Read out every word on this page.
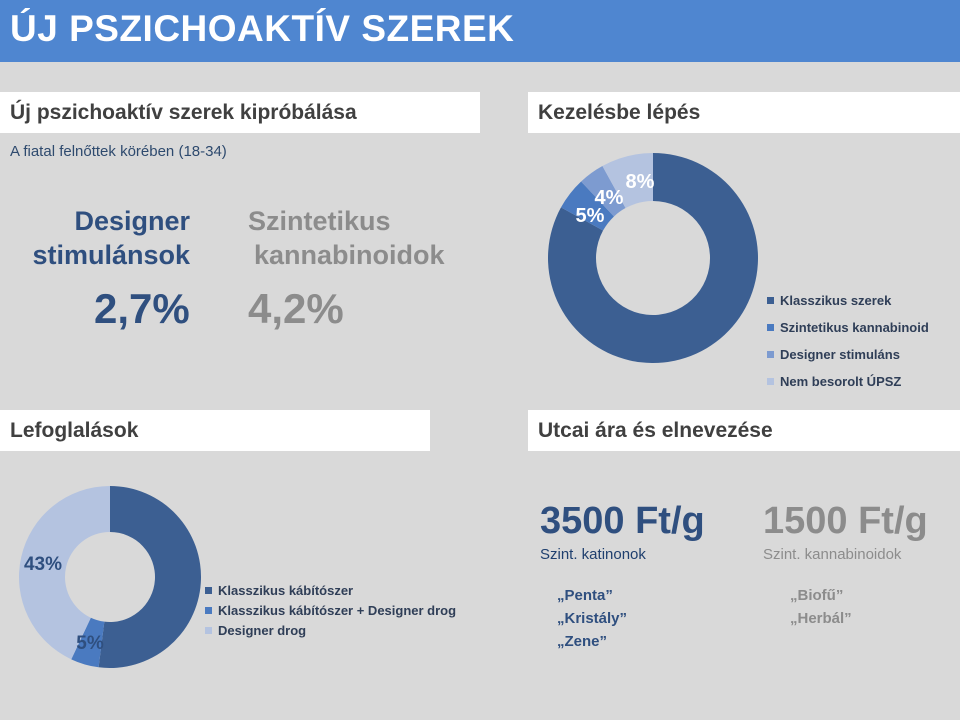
ÚJ PSZICHOAKTÍV SZEREK
Új pszichoaktív szerek kipróbálása
A fiatal felnőttek körében (18-34)
Designer
stimulánsok
2,7%
Szintetikus
kannabinoidok
4,2%
Kezelésbe lépés
5%
4%
8%
Klasszikus szerek
Szintetikus kannabinoid
Designer stimuláns
Nem besorolt ÚPSZ
Lefoglalások
5%
43%
Klasszikus kábítószer
Klasszikus kábítószer + Designer drog
Designer drog
Utcai ára és elnevezése
3500 Ft/g
Szint. katinonok
„Penta”
„Kristály”
„Zene”
1500 Ft/g
Szint. kannabinoidok
„Biofű”
„Herbál”
